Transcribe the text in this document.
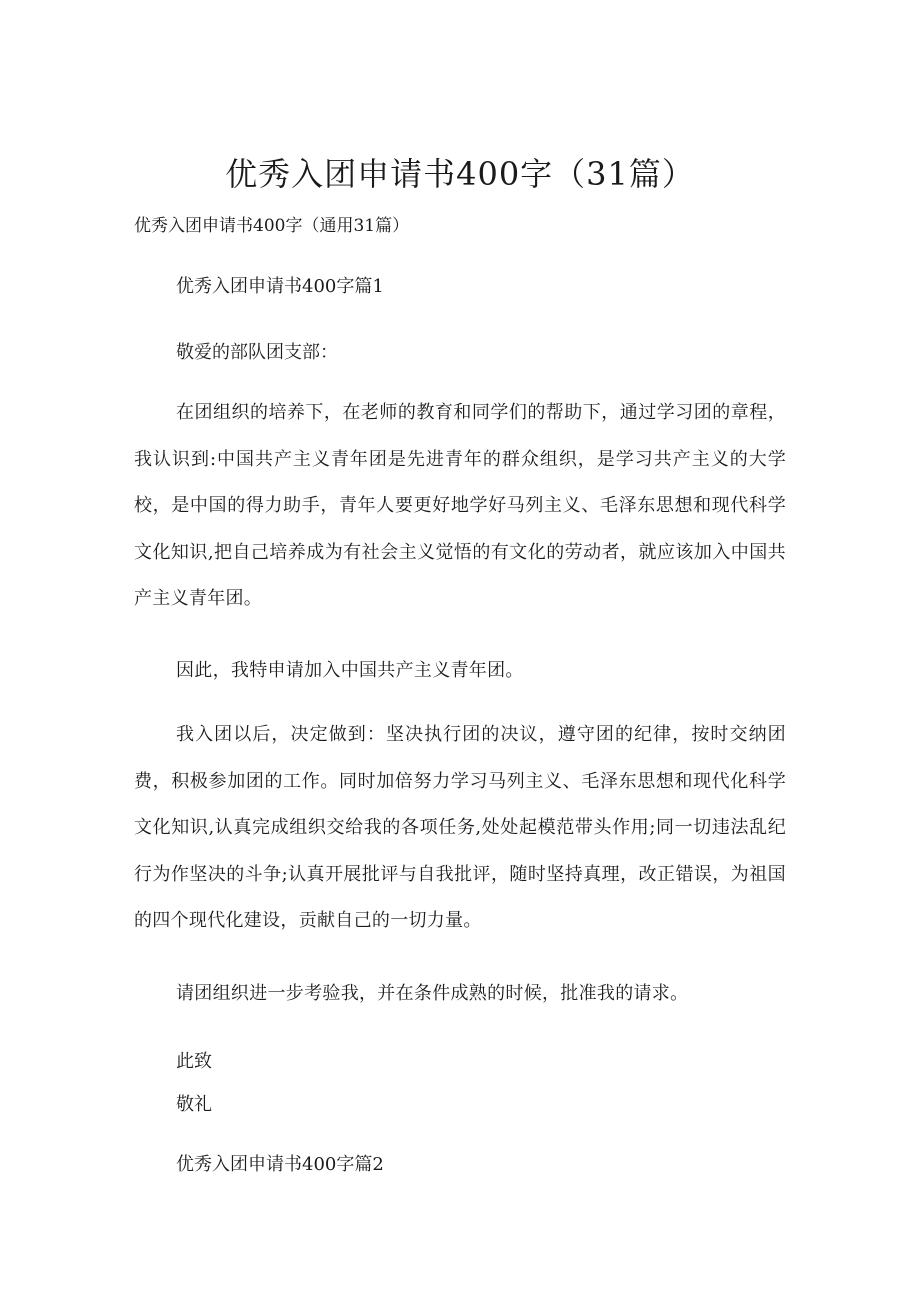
优秀入团申请书400字（31篇）
优秀入团申请书400字（通用31篇）
优秀入团申请书400字篇1
敬爱的部队团支部：
在团组织的培养下，在老师的教育和同学们的帮助下，通过学习团的章程，我认识到:中国共产主义青年团是先进青年的群众组织，是学习共产主义的大学校，是中国的得力助手，青年人要更好地学好马列主义、毛泽东思想和现代科学文化知识,把自己培养成为有社会主义觉悟的有文化的劳动者，就应该加入中国共产主义青年团。
因此，我特申请加入中国共产主义青年团。
我入团以后，决定做到：坚决执行团的决议，遵守团的纪律，按时交纳团费，积极参加团的工作。同时加倍努力学习马列主义、毛泽东思想和现代化科学文化知识,认真完成组织交给我的各项任务,处处起模范带头作用;同一切违法乱纪行为作坚决的斗争;认真开展批评与自我批评，随时坚持真理，改正错误，为祖国的四个现代化建设，贡献自己的一切力量。
请团组织进一步考验我，并在条件成熟的时候，批准我的请求。
此致
敬礼
优秀入团申请书400字篇2
